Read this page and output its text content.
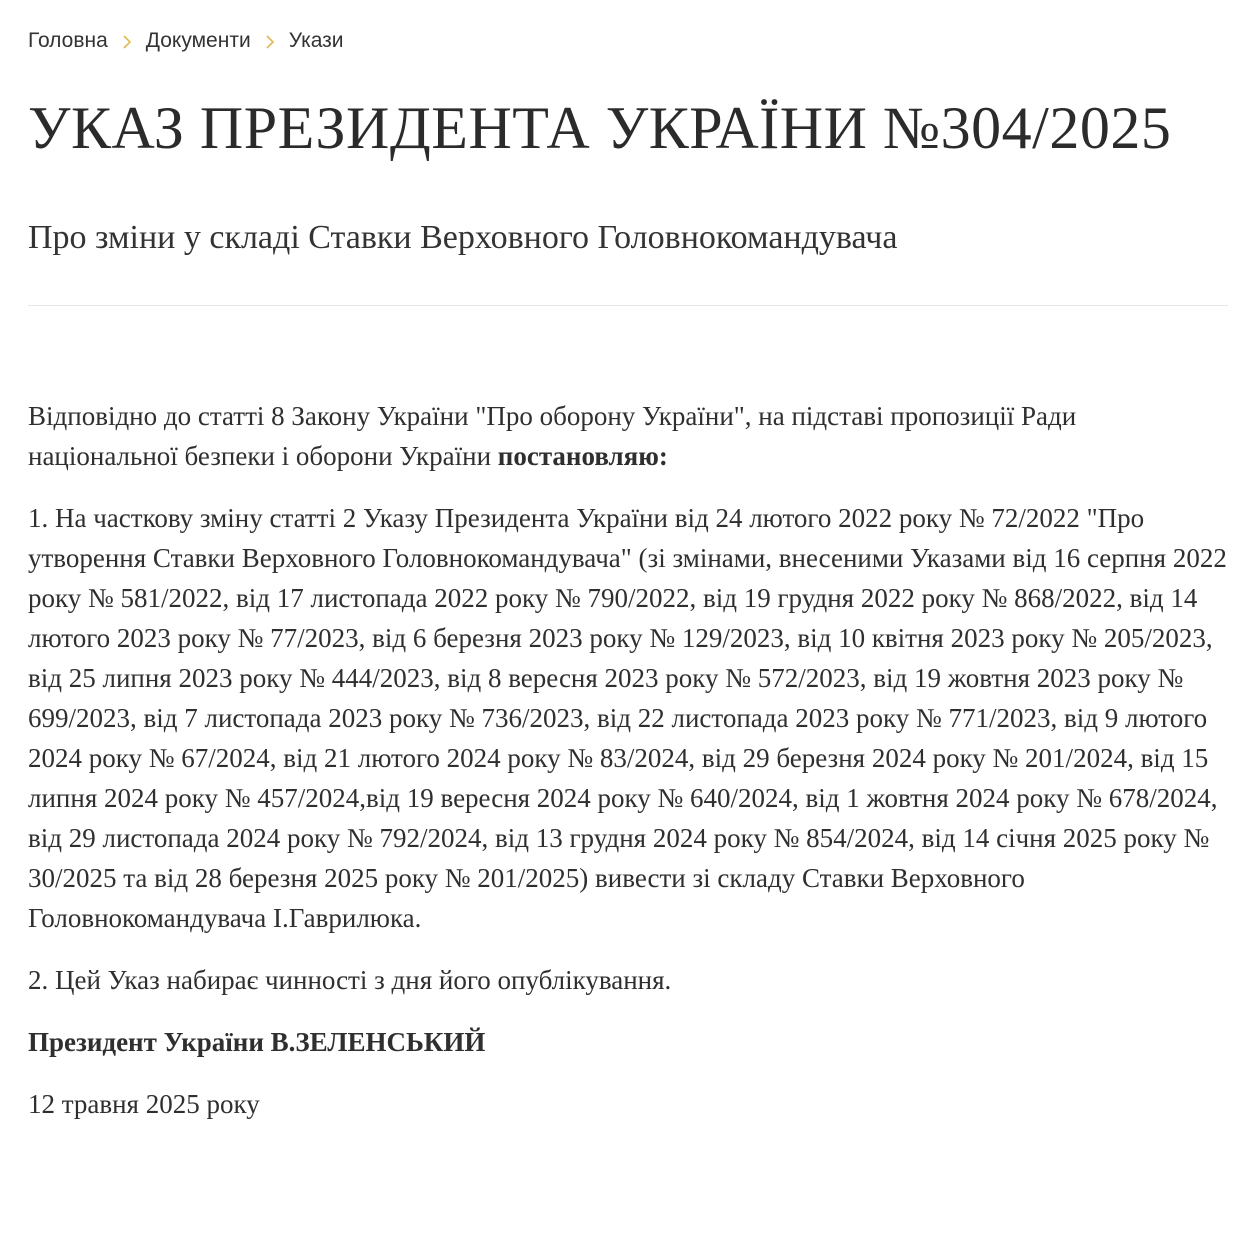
Головна Документи Укази
УКАЗ ПРЕЗИДЕНТА УКРАЇНИ №304/2025
Про зміни у складі Ставки Верховного Головнокомандувача

Відповідно до статті 8 Закону України "Про оборону України", на підставі пропозиції Ради національної безпеки і оборони України постановляю:

1. На часткову зміну статті 2 Указу Президента України від 24 лютого 2022 року № 72/2022 "Про утворення Ставки Верховного Головнокомандувача" (зі змінами, внесеними Указами від 16 серпня 2022 року № 581/2022, від 17 листопада 2022 року № 790/2022, від 19 грудня 2022 року № 868/2022, від 14 лютого 2023 року № 77/2023, від 6 березня 2023 року № 129/2023, від 10 квітня 2023 року № 205/2023, від 25 липня 2023 року № 444/2023, від 8 вересня 2023 року № 572/2023, від 19 жовтня 2023 року № 699/2023, від 7 листопада 2023 року № 736/2023, від 22 листопада 2023 року № 771/2023, від 9 лютого 2024 року № 67/2024, від 21 лютого 2024 року № 83/2024, від 29 березня 2024 року № 201/2024, від 15 липня 2024 року № 457/2024,від 19 вересня 2024 року № 640/2024, від 1 жовтня 2024 року № 678/2024, від 29 листопада 2024 року № 792/2024, від 13 грудня 2024 року № 854/2024, від 14 січня 2025 року № 30/2025 та від 28 березня 2025 року № 201/2025) вивести зі складу Ставки Верховного Головнокомандувача І.Гаврилюка.

2. Цей Указ набирає чинності з дня його опублікування.

Президент України В.ЗЕЛЕНСЬКИЙ

12 травня 2025 року
